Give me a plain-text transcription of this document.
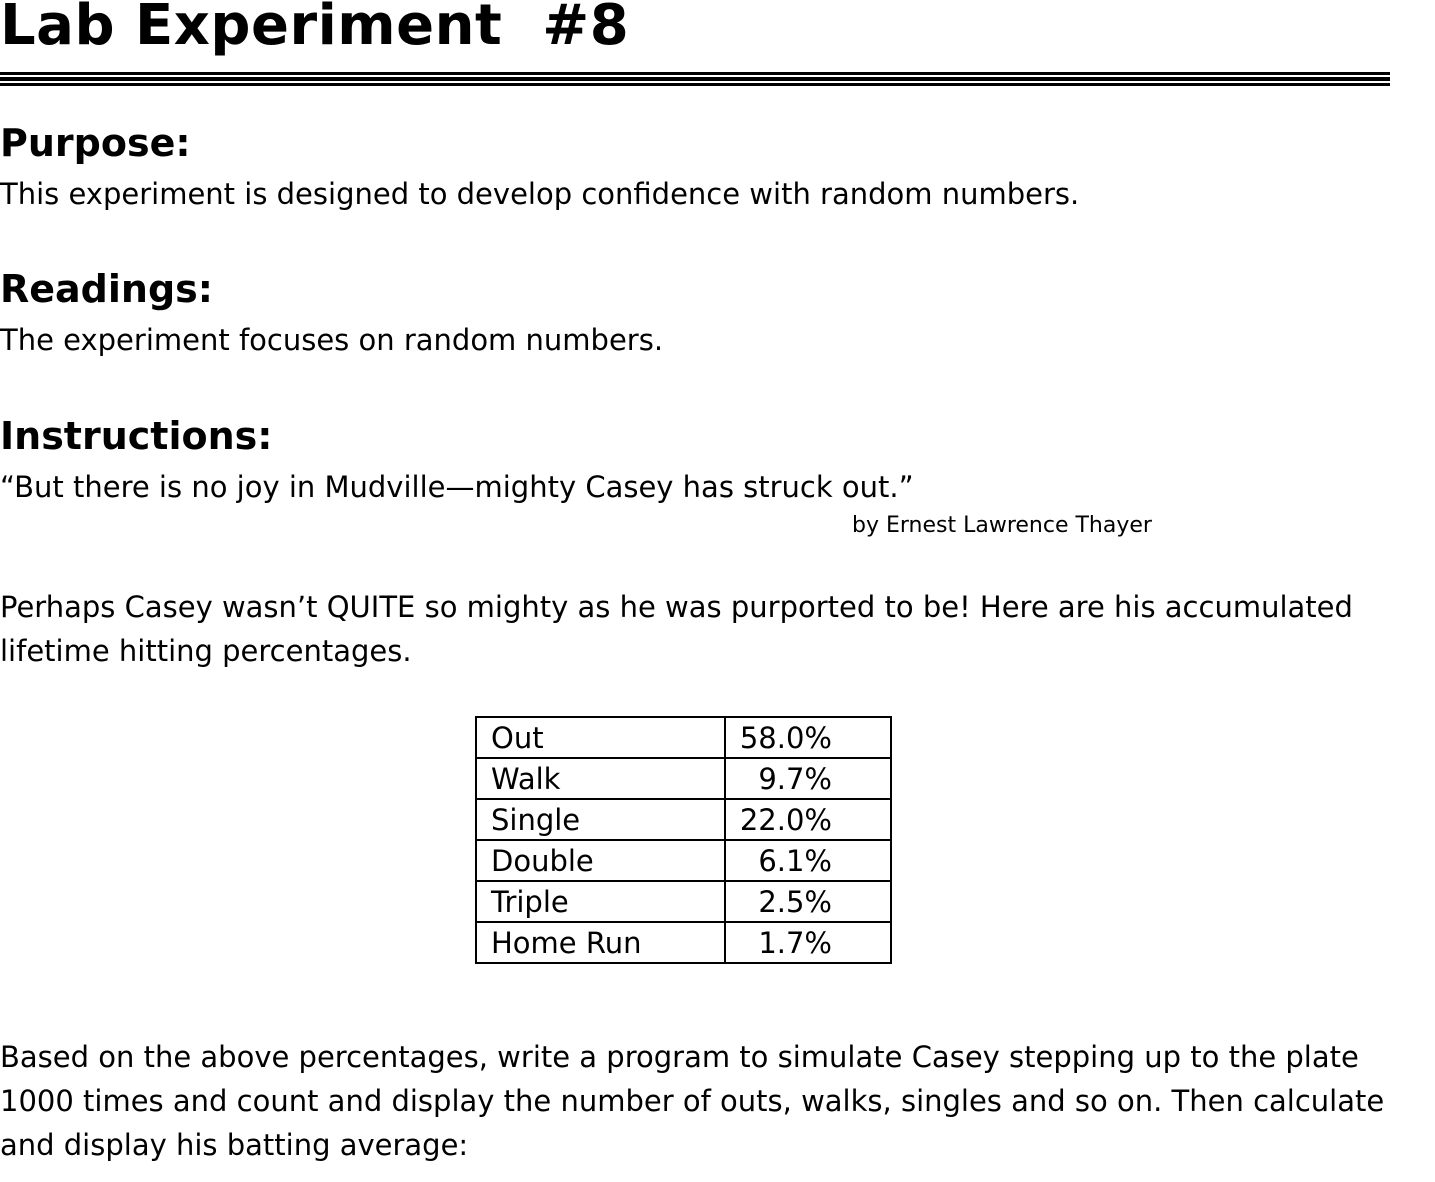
Lab Experiment  #8
Purpose:

This experiment is designed to develop confidence with random numbers.

Readings:

The experiment focuses on random numbers.

Instructions:

“But there is no joy in Mudville—mighty Casey has struck out.”

by Ernest Lawrence Thayer

Perhaps Casey wasn’t QUITE so mighty as he was purported to be! Here are his accumulated lifetime hitting percentages.

Out	58.0%
Walk	9.7%
Single	22.0%
Double	6.1%
Triple	2.5%
Home Run	1.7%

Based on the above percentages, write a program to simulate Casey stepping up to the plate 1000 times and count and display the number of outs, walks, singles and so on. Then calculate and display his batting average:
